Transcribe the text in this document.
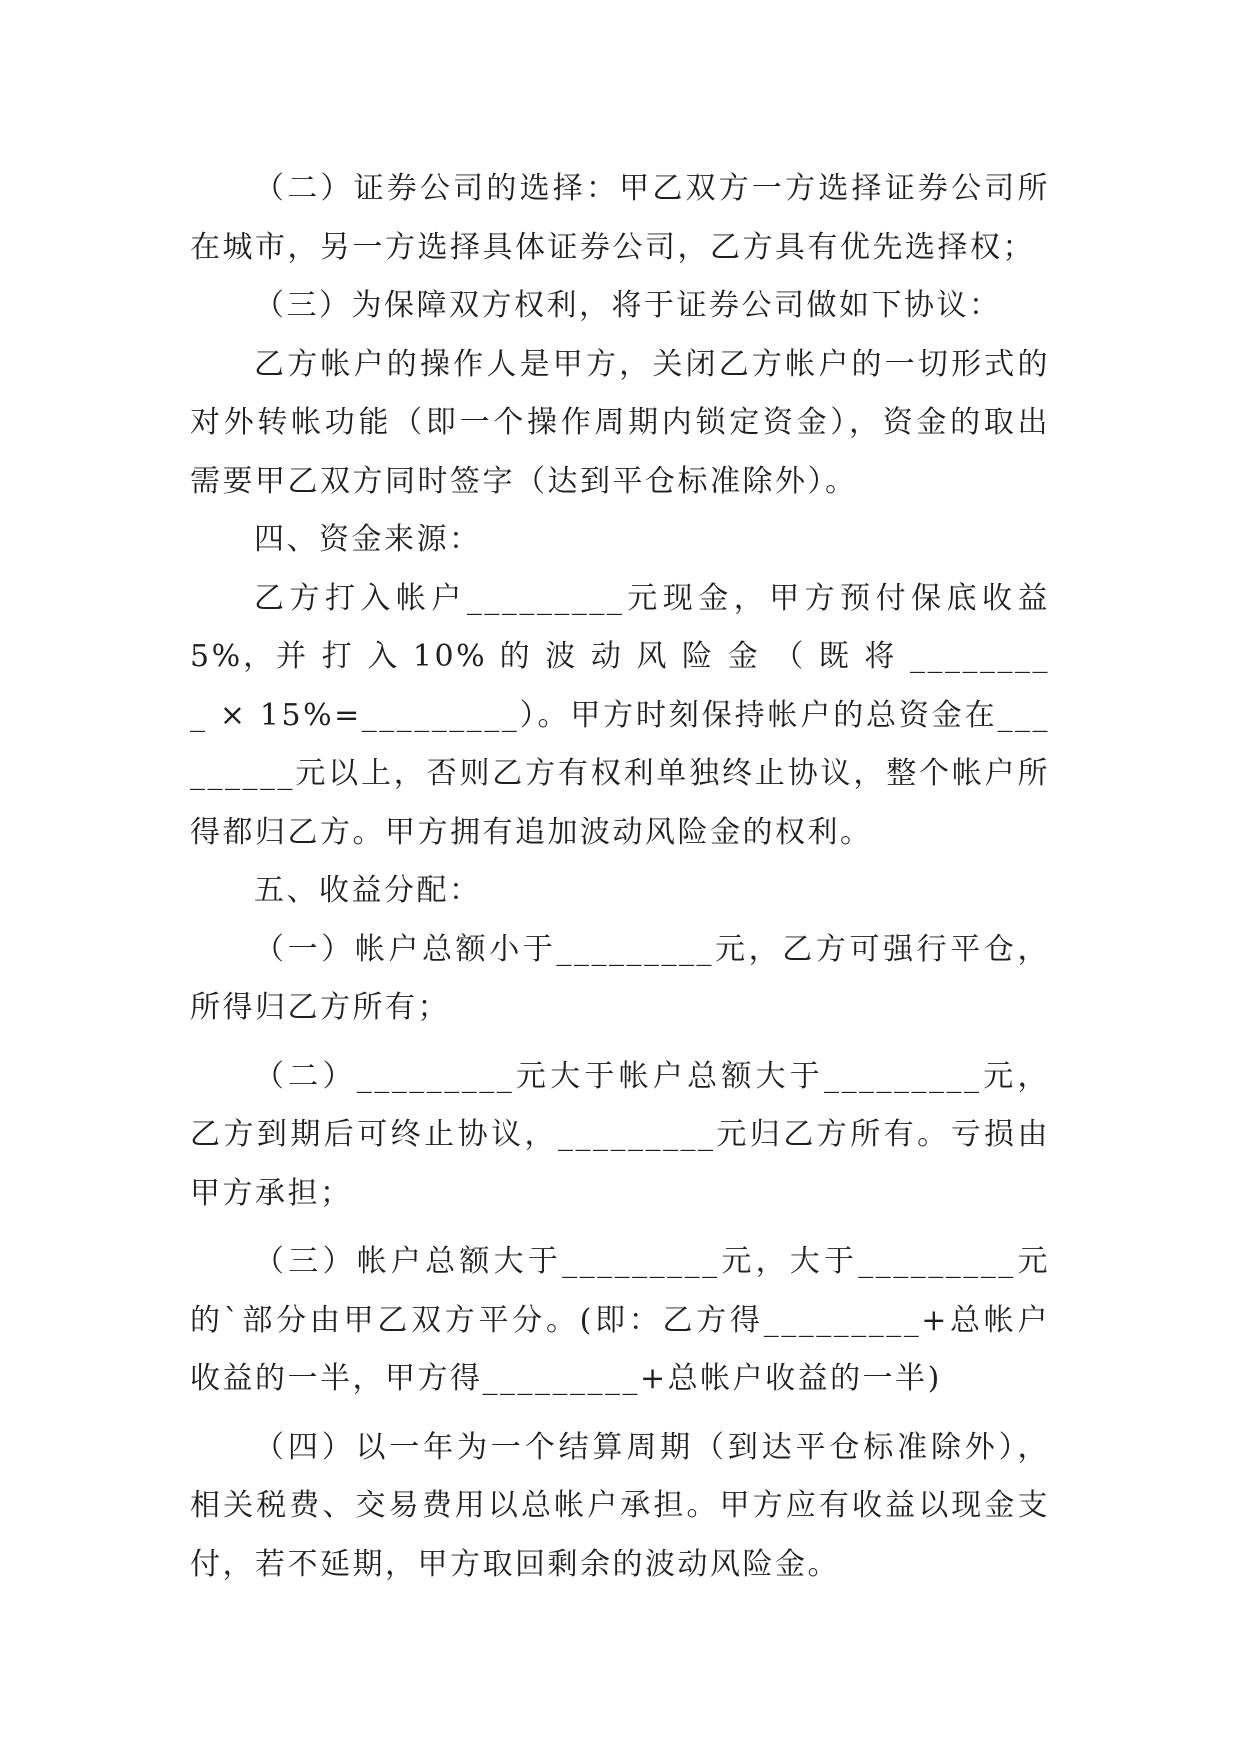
（二）证券公司的选择：甲乙双方一方选择证券公司所在城市，另一方选择具体证券公司，乙方具有优先选择权；

（三）为保障双方权利，将于证券公司做如下协议：

乙方帐户的操作人是甲方，关闭乙方帐户的一切形式的对外转帐功能（即一个操作周期内锁定资金），资金的取出需要甲乙双方同时签字（达到平仓标准除外）。

四、资金来源：

乙方打入帐户_________元现金，甲方预付保底收益5%，并 打 入 10% 的 波 动 风 险 金 （ 既 将 _________ × 15%=_________）。甲方时刻保持帐户的总资金在_________元以上，否则乙方有权利单独终止协议，整个帐户所得都归乙方。甲方拥有追加波动风险金的权利。

五、收益分配：

（一）帐户总额小于_________元，乙方可强行平仓，所得归乙方所有；

（二）_________元大于帐户总额大于_________元，乙方到期后可终止协议，_________元归乙方所有。亏损由甲方承担；

（三）帐户总额大于_________元，大于_________元的`部分由甲乙双方平分。(即：乙方得_________+总帐户收益的一半，甲方得_________+总帐户收益的一半)

（四）以一年为一个结算周期（到达平仓标准除外），相关税费、交易费用以总帐户承担。甲方应有收益以现金支付，若不延期，甲方取回剩余的波动风险金。
